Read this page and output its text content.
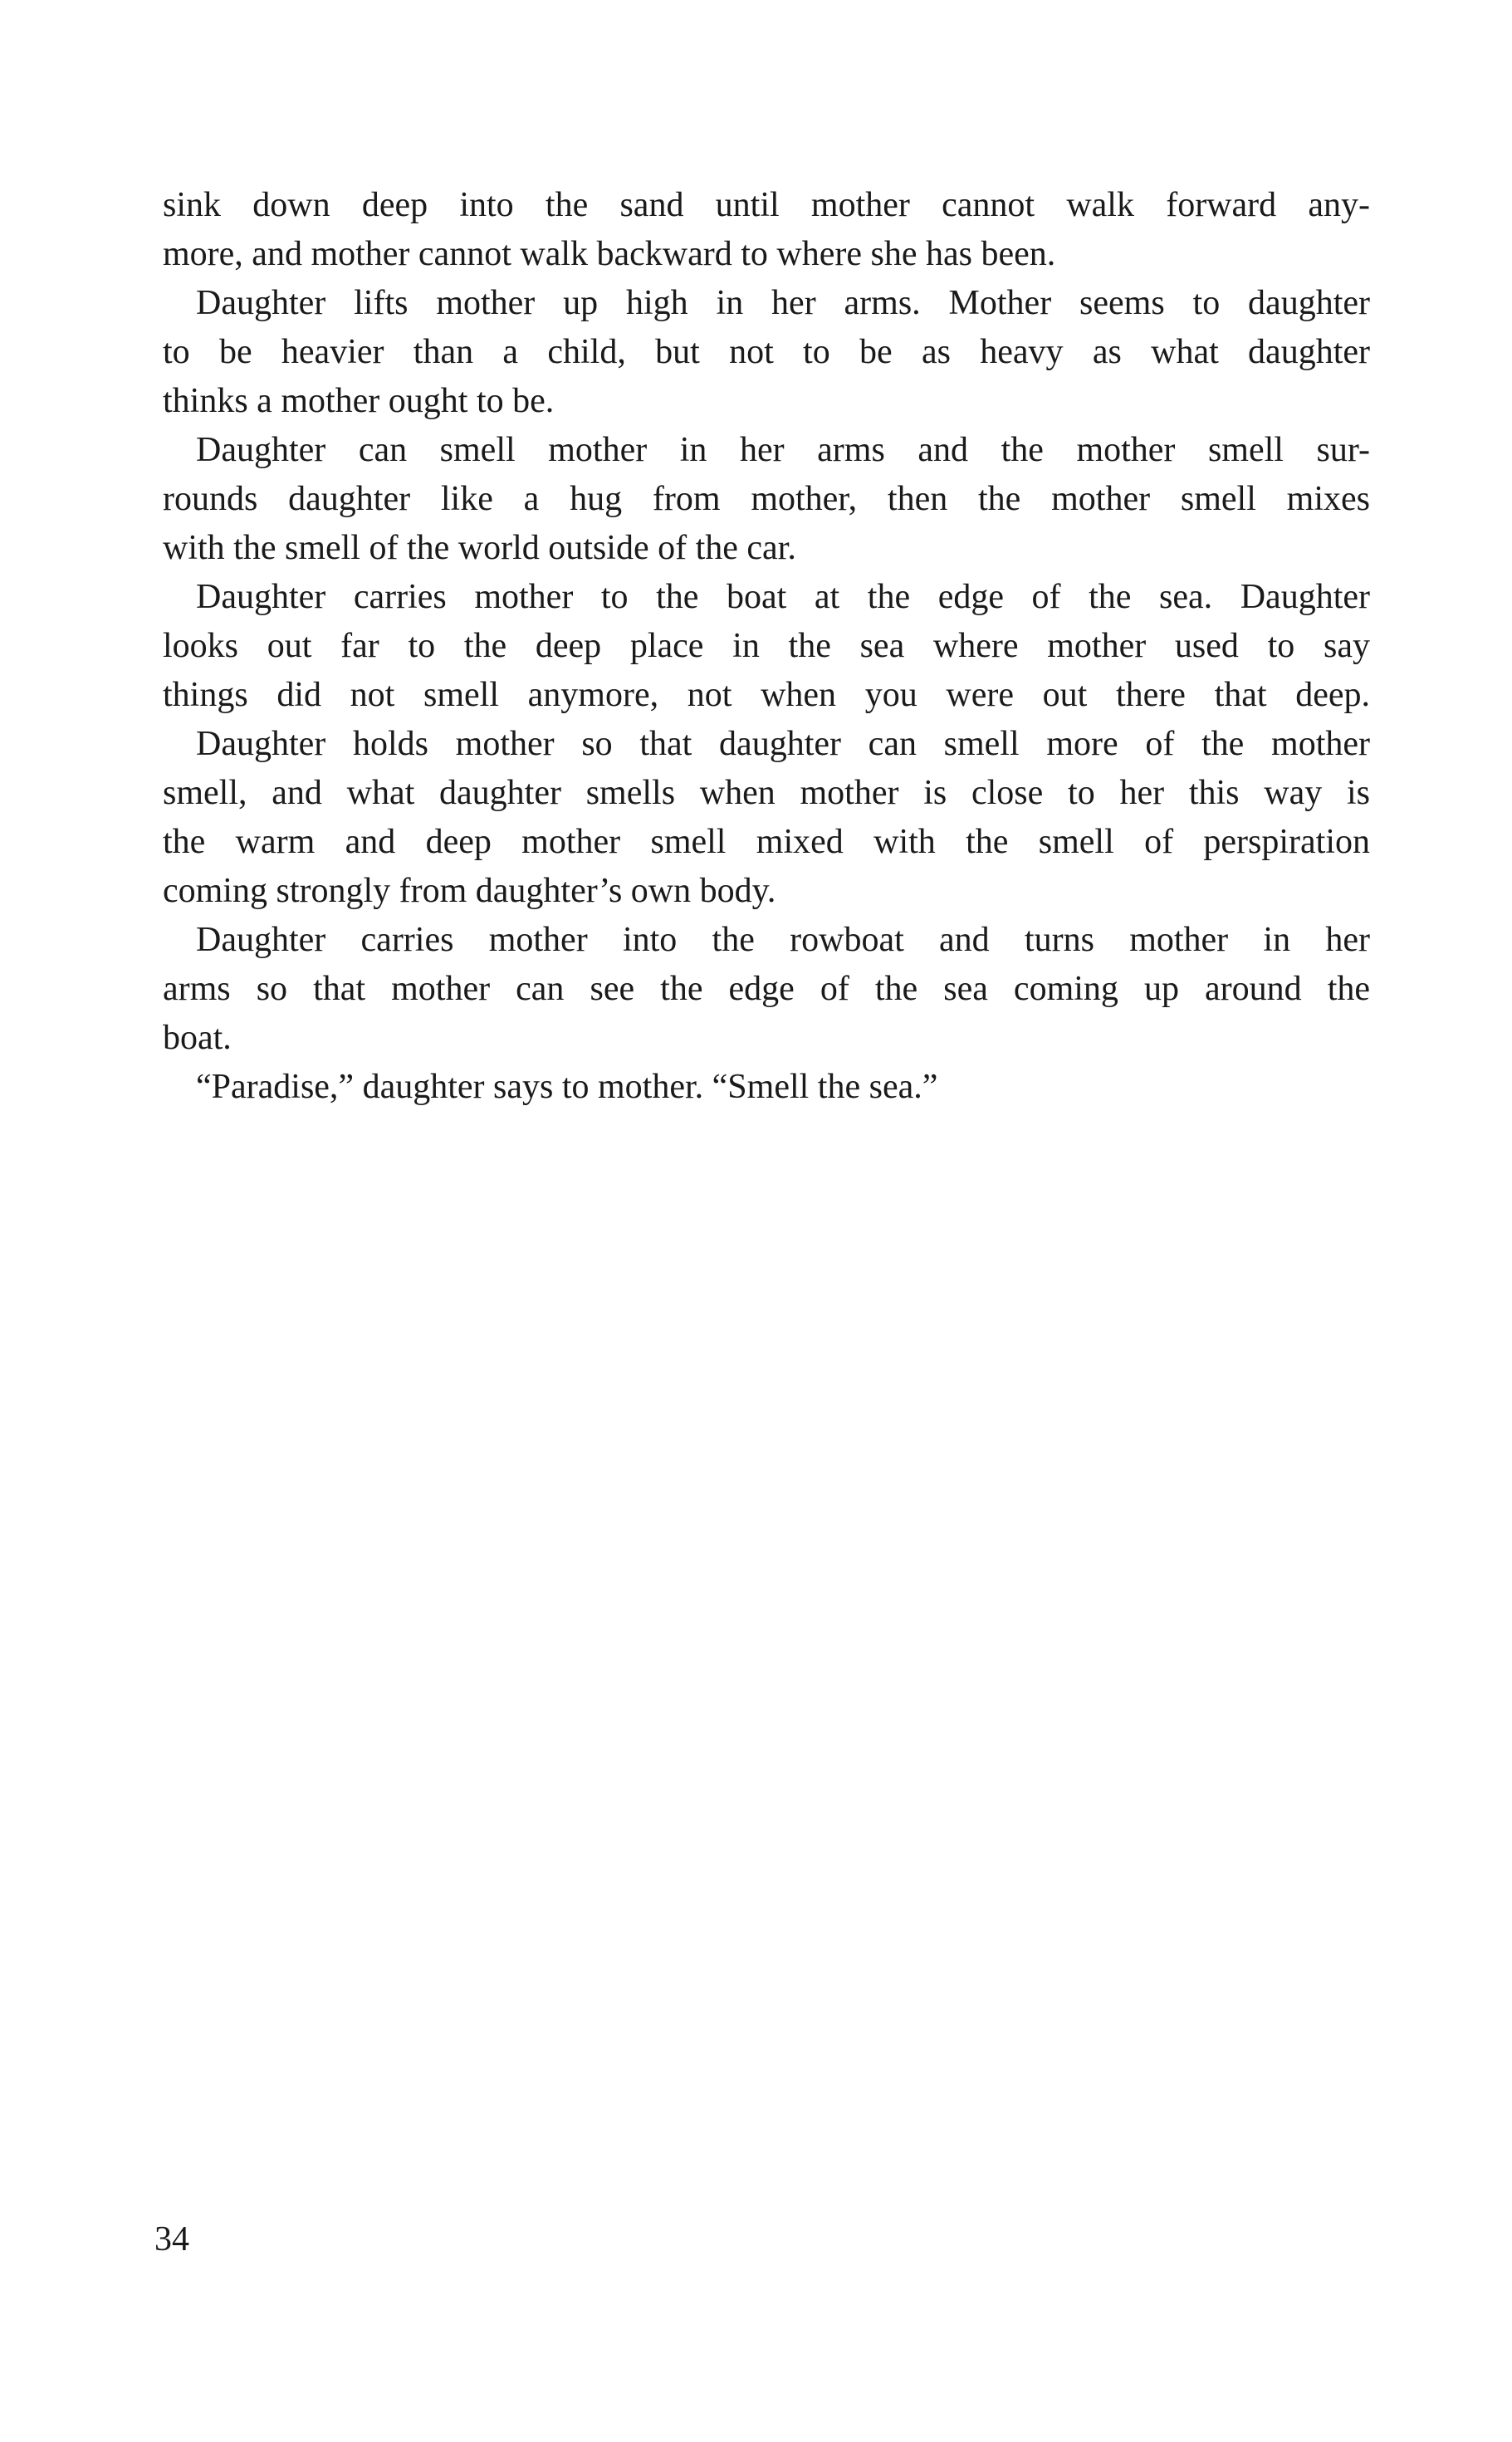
sink down deep into the sand until mother cannot walk forward any-
more, and mother cannot walk backward to where she has been.
Daughter lifts mother up high in her arms. Mother seems to daughter
to be heavier than a child, but not to be as heavy as what daughter
thinks a mother ought to be.
Daughter can smell mother in her arms and the mother smell sur-
rounds daughter like a hug from mother, then the mother smell mixes
with the smell of the world outside of the car.
Daughter carries mother to the boat at the edge of the sea. Daughter
looks out far to the deep place in the sea where mother used to say
things did not smell anymore, not when you were out there that deep.
Daughter holds mother so that daughter can smell more of the mother
smell, and what daughter smells when mother is close to her this way is
the warm and deep mother smell mixed with the smell of perspiration
coming strongly from daughter’s own body.
Daughter carries mother into the rowboat and turns mother in her
arms so that mother can see the edge of the sea coming up around the
boat.
“Paradise,” daughter says to mother. “Smell the sea.”
34
